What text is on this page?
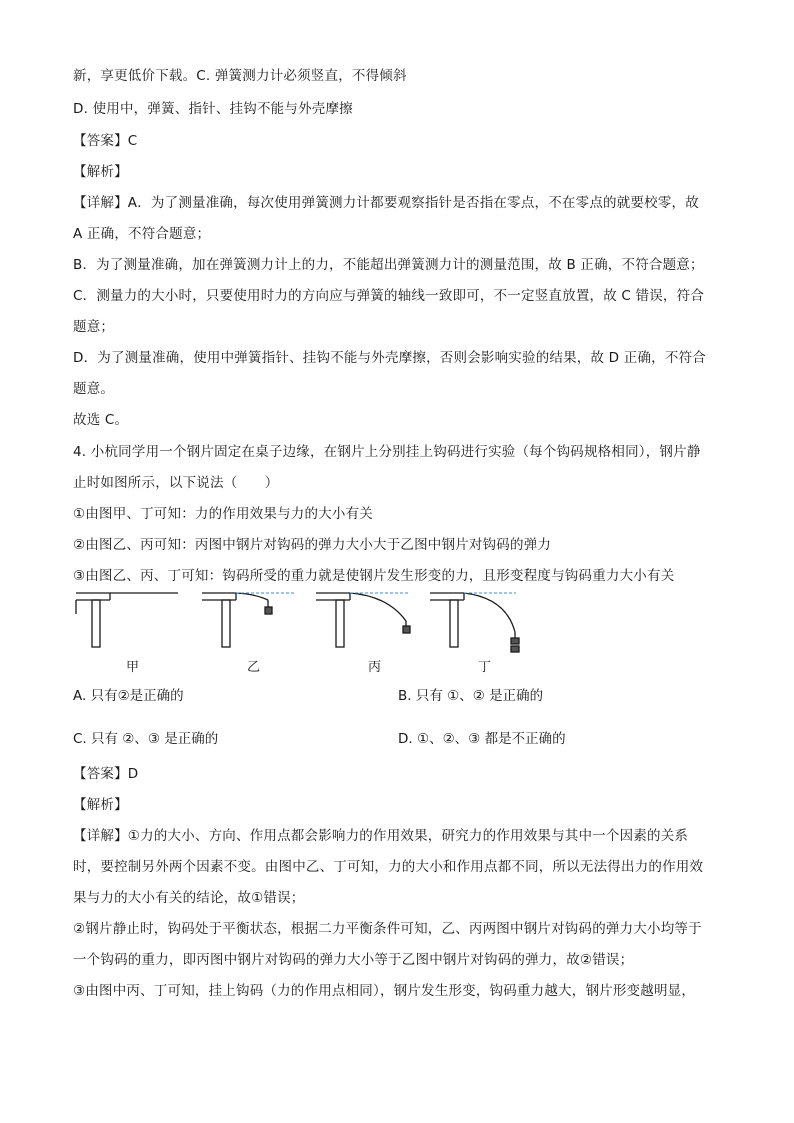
新，享更低价下载。C. 弹簧测力计必须竖直，不得倾斜
D. 使用中，弹簧、指针、挂钩不能与外壳摩擦
【答案】C
【解析】
【详解】A．为了测量准确，每次使用弹簧测力计都要观察指针是否指在零点，不在零点的就要校零，故
A 正确，不符合题意；
B．为了测量准确，加在弹簧测力计上的力，不能超出弹簧测力计的测量范围，故 B 正确，不符合题意；
C．测量力的大小时，只要使用时力的方向应与弹簧的轴线一致即可，不一定竖直放置，故 C 错误，符合
题意；
D．为了测量准确，使用中弹簧指针、挂钩不能与外壳摩擦，否则会影响实验的结果，故 D 正确，不符合
题意。
故选 C。
4. 小杭同学用一个钢片固定在桌子边缘，在钢片上分别挂上钩码进行实验（每个钩码规格相同），钢片静
止时如图所示，以下说法（　　）
①由图甲、丁可知：力的作用效果与力的大小有关
②由图乙、丙可知：丙图中钢片对钩码的弹力大小大于乙图中钢片对钩码的弹力
③由图乙、丙、丁可知：钩码所受的重力就是使钢片发生形变的力，且形变程度与钩码重力大小有关
甲	乙	丙	丁
A. 只有②是正确的	B. 只有 ①、② 是正确的
C. 只有 ②、③ 是正确的	D. ①、②、③ 都是不正确的
【答案】D
【解析】
【详解】①力的大小、方向、作用点都会影响力的作用效果，研究力的作用效果与其中一个因素的关系
时，要控制另外两个因素不变。由图中乙、丁可知，力的大小和作用点都不同，所以无法得出力的作用效
果与力的大小有关的结论，故①错误；
②钢片静止时，钩码处于平衡状态，根据二力平衡条件可知，乙、丙两图中钢片对钩码的弹力大小均等于
一个钩码的重力，即丙图中钢片对钩码的弹力大小等于乙图中钢片对钩码的弹力，故②错误；
③由图中丙、丁可知，挂上钩码（力的作用点相同），钢片发生形变，钩码重力越大，钢片形变越明显，
